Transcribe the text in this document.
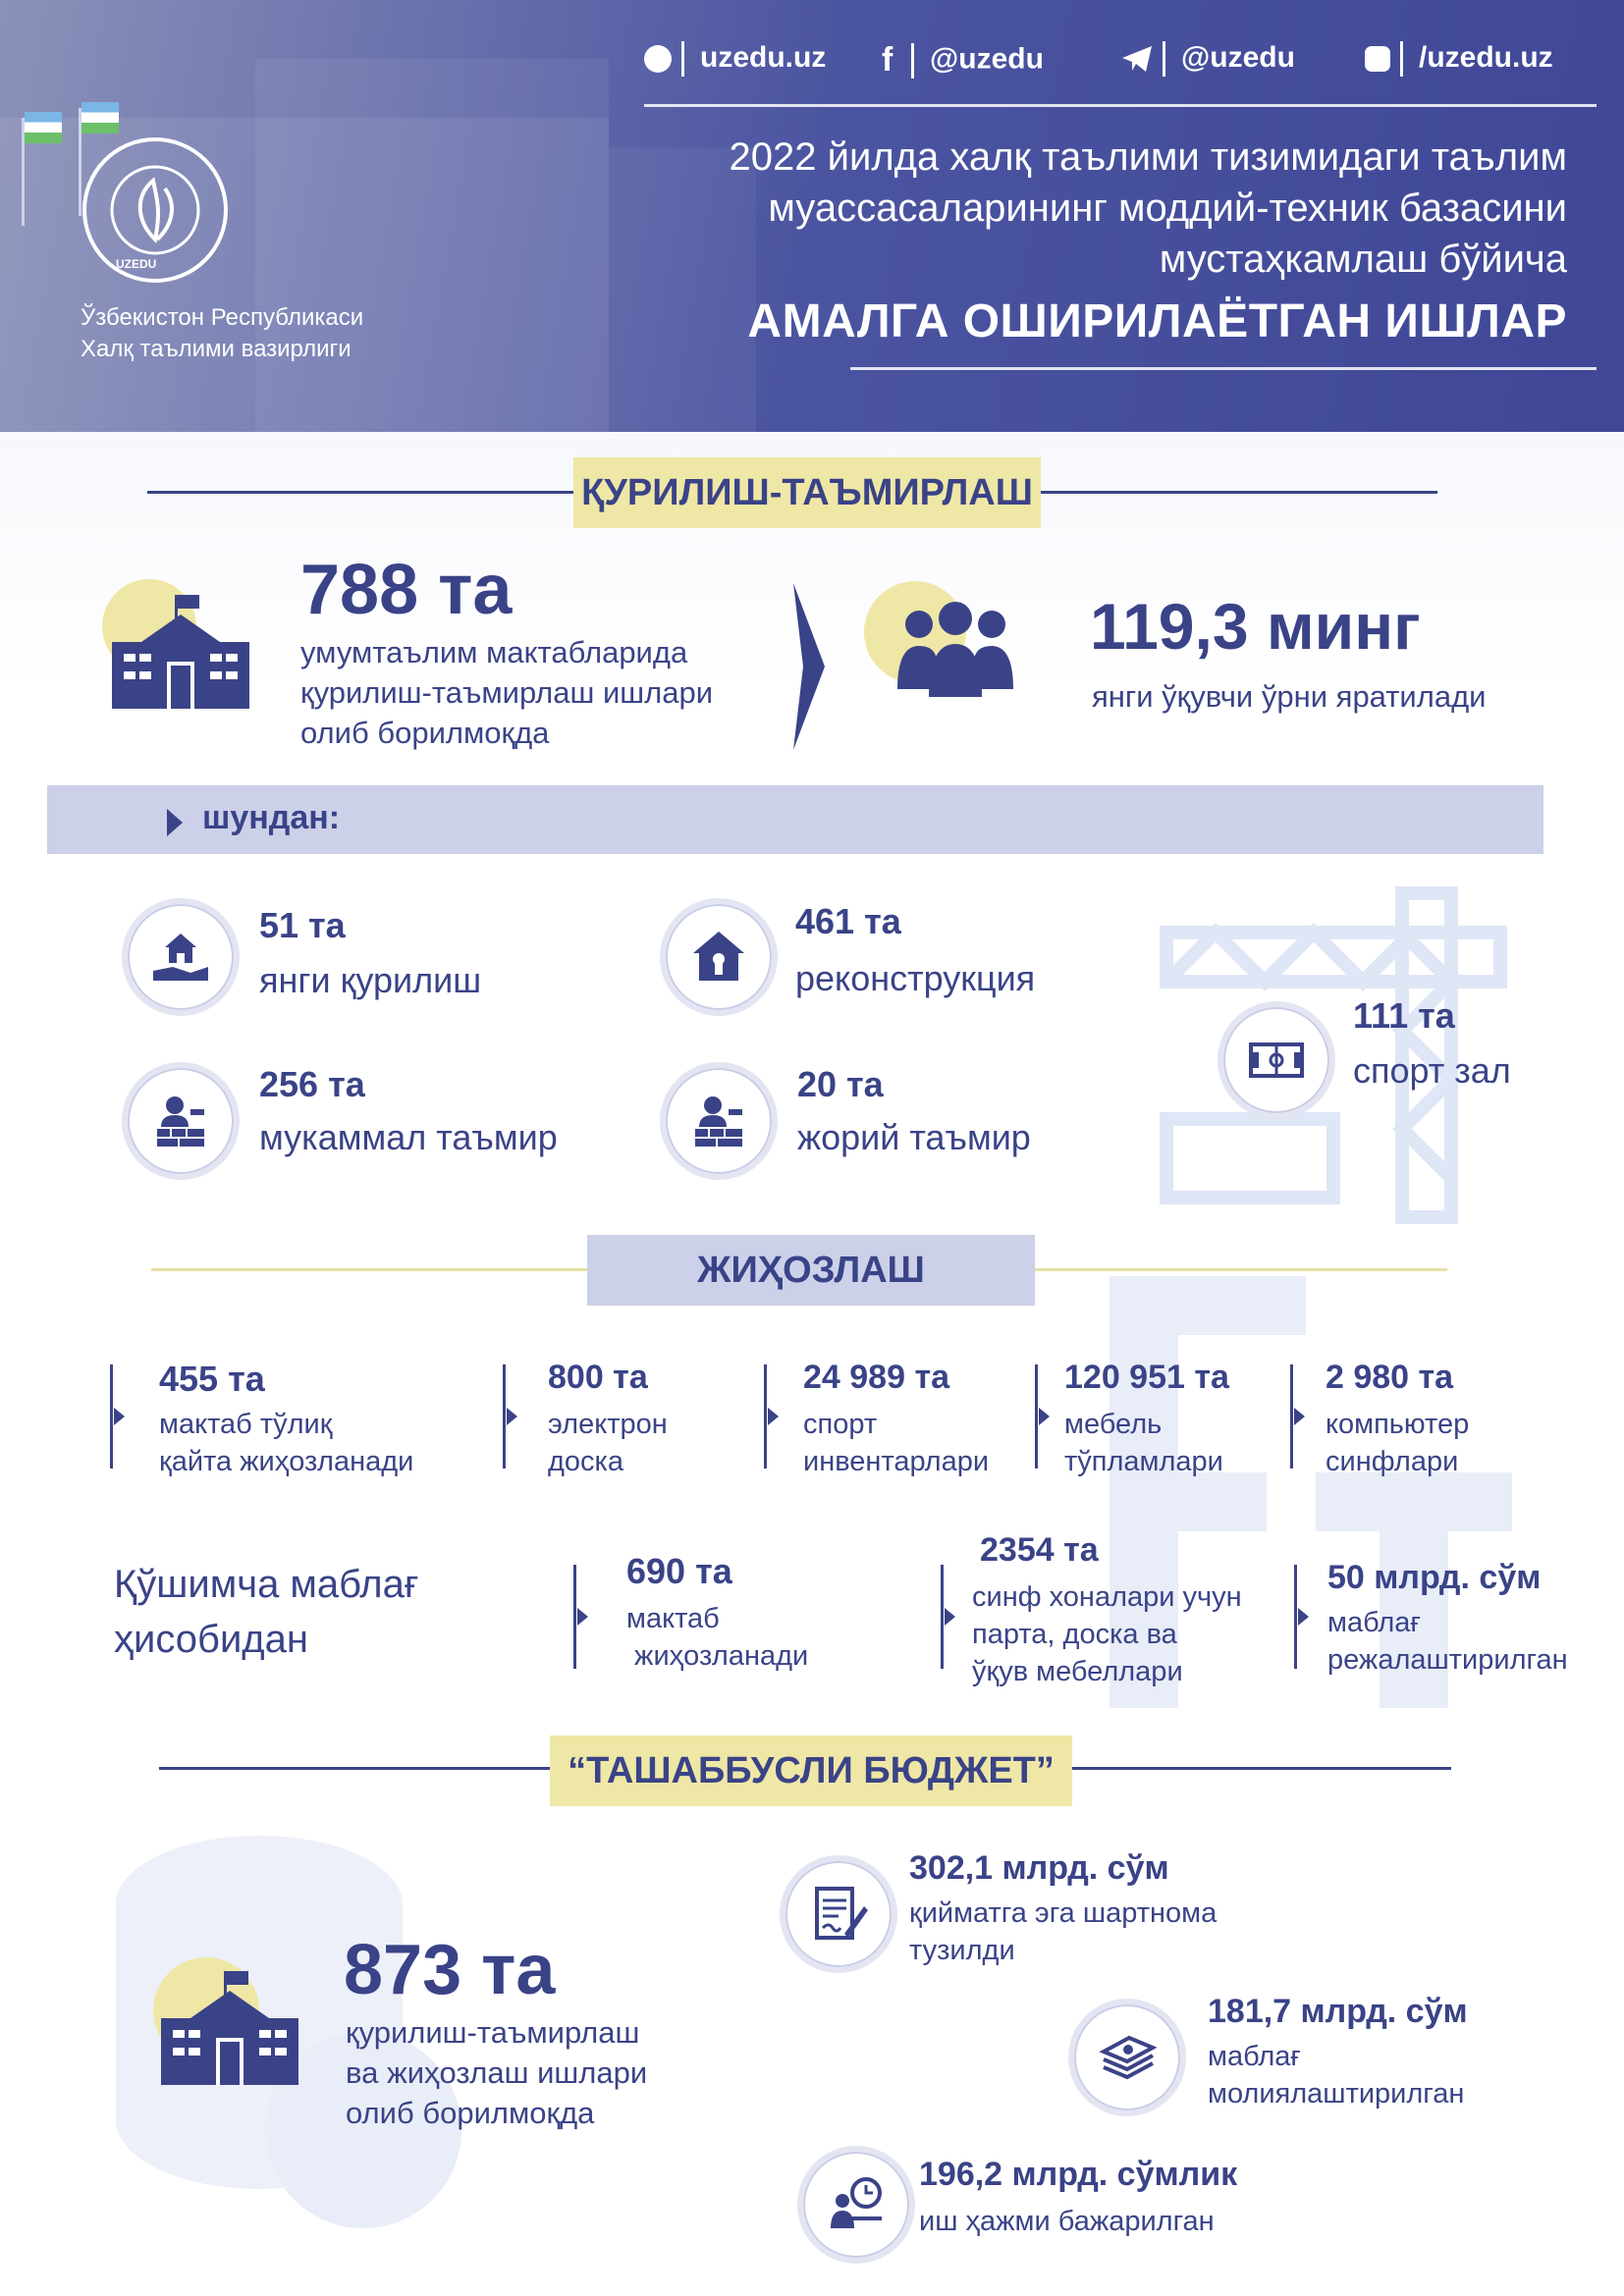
UZEDU
Ўзбекистон Республикаси
Халқ таълими вазирлиги
uzedu.uz f @uzedu	@uzedu	/uzedu.uz
2022 йилда халқ таълими тизимидаги таълим
муассасаларининг моддий-техник базасини
мустаҳкамлаш бўйича
АМАЛГА ОШИРИЛАЁТГАН ИШЛАР
ҚУРИЛИШ-ТАЪМИРЛАШ
788 та
умумтаълим мактабларида
қурилиш-таъмирлаш ишлари
олиб борилмоқда
119,3 минг
янги ўқувчи ўрни яратилади
шундан:
51 та
янги қурилиш
461 та
реконструкция
256 та
мукаммал таъмир
20 та
жорий таъмир
111 та
спорт зал
ЖИҲОЗЛАШ
455 та
мактаб тўлиқ
қайта жиҳозланади
800 та
электрон
доска
24 989 та
спорт
инвентарлари
120 951 та
мебель
тўпламлари
2 980 та
компьютер
синфлари
Қўшимча маблағ
ҳисобидан
690 та
мактаб
жиҳозланади
2354 та
синф хоналари учун
парта, доска ва
ўқув мебеллари
50 млрд. сўм
маблағ
режалаштирилган
“ТАШАББУСЛИ БЮДЖЕТ”
873 та
қурилиш-таъмирлаш
ва жиҳозлаш ишлари
олиб борилмоқда
302,1 млрд. сўм
қийматга эга шартнома
тузилди
181,7 млрд. сўм
маблағ
молиялаштирилган
196,2 млрд. сўмлик
иш ҳажми бажарилган
